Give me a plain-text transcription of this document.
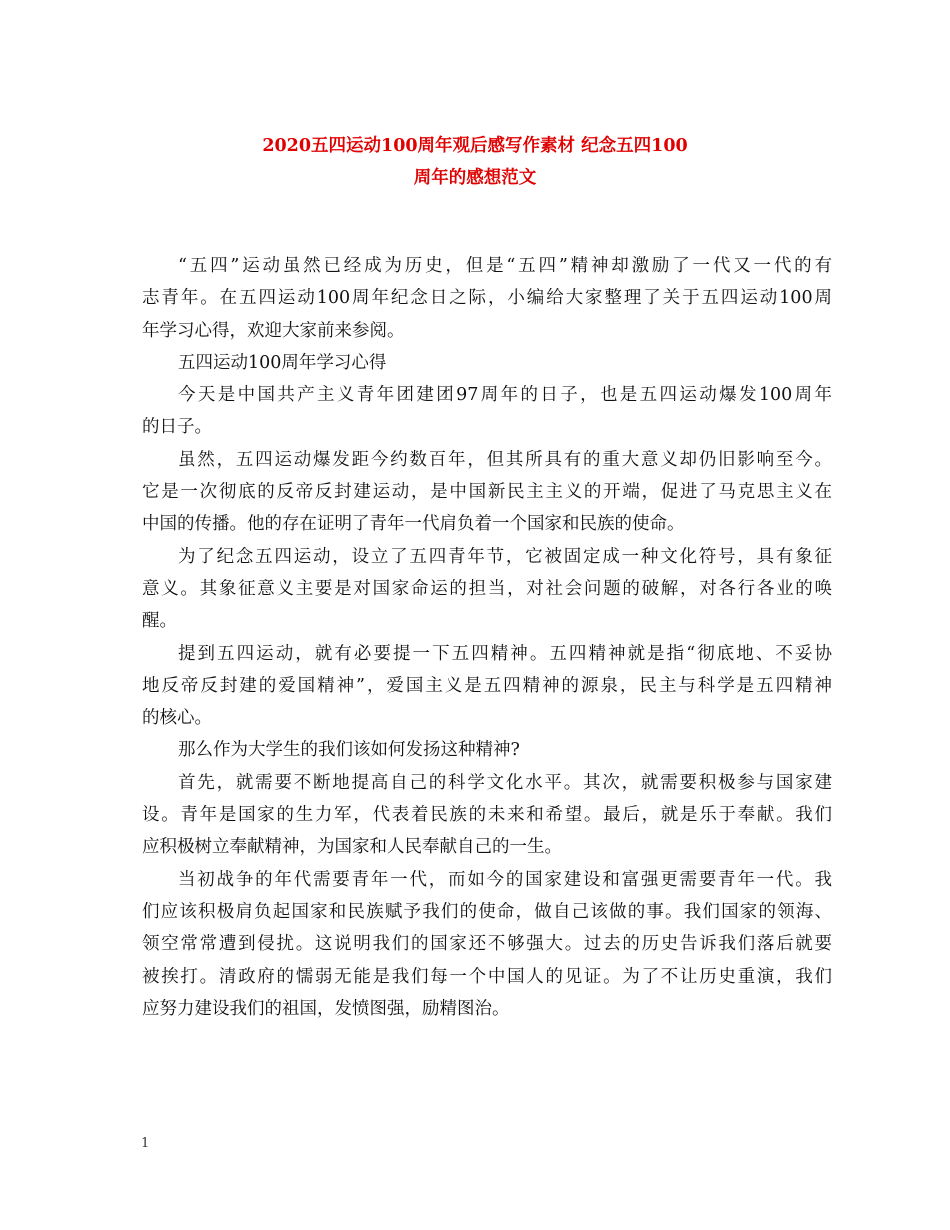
2020五四运动100周年观后感写作素材 纪念五四100
周年的感想范文
“五四”运动虽然已经成为历史，但是“五四”精神却激励了一代又一代的有
志青年。在五四运动100周年纪念日之际，小编给大家整理了关于五四运动100周
年学习心得，欢迎大家前来参阅。
五四运动100周年学习心得
今天是中国共产主义青年团建团97周年的日子，也是五四运动爆发100周年
的日子。
虽然，五四运动爆发距今约数百年，但其所具有的重大意义却仍旧影响至今。
它是一次彻底的反帝反封建运动，是中国新民主主义的开端，促进了马克思主义在
中国的传播。他的存在证明了青年一代肩负着一个国家和民族的使命。
为了纪念五四运动，设立了五四青年节，它被固定成一种文化符号，具有象征
意义。其象征意义主要是对国家命运的担当，对社会问题的破解，对各行各业的唤
醒。
提到五四运动，就有必要提一下五四精神。五四精神就是指“彻底地、不妥协
地反帝反封建的爱国精神”，爱国主义是五四精神的源泉，民主与科学是五四精神
的核心。
那么作为大学生的我们该如何发扬这种精神?
首先，就需要不断地提高自己的科学文化水平。其次，就需要积极参与国家建
设。青年是国家的生力军，代表着民族的未来和希望。最后，就是乐于奉献。我们
应积极树立奉献精神，为国家和人民奉献自己的一生。
当初战争的年代需要青年一代，而如今的国家建设和富强更需要青年一代。我
们应该积极肩负起国家和民族赋予我们的使命，做自己该做的事。我们国家的领海、
领空常常遭到侵扰。这说明我们的国家还不够强大。过去的历史告诉我们落后就要
被挨打。清政府的懦弱无能是我们每一个中国人的见证。为了不让历史重演，我们
应努力建设我们的祖国，发愤图强，励精图治。
1
